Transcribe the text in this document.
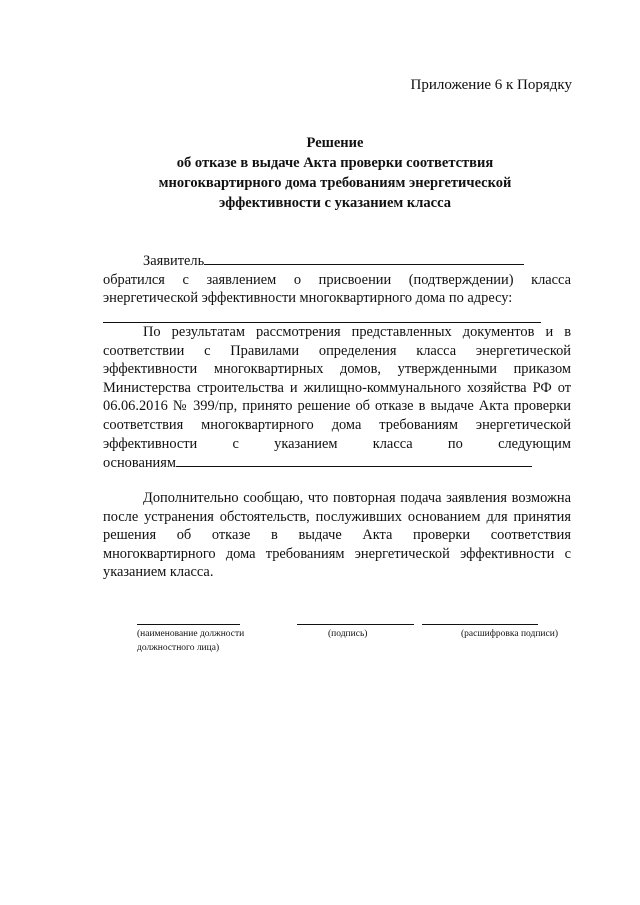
Приложение 6 к Порядку
Решение
об отказе в выдаче Акта проверки соответствия
многоквартирного дома требованиям энергетической
эффективности с указанием класса
Заявитель
обратился с заявлением о присвоении (подтверждении) класса
энергетической эффективности многоквартирного дома по адресу:
По результатам рассмотрения представленных документов и в
соответствии с Правилами определения класса энергетической
эффективности многоквартирных домов, утвержденными приказом
Министерства строительства и жилищно-коммунального хозяйства РФ от
06.06.2016 № 399/пр, принято решение об отказе в выдаче Акта проверки
соответствия многоквартирного дома требованиям энергетической
эффективности с указанием класса по следующим
основаниям
Дополнительно сообщаю, что повторная подача заявления возможна
после устранения обстоятельств, послуживших основанием для принятия
решения об отказе в выдаче Акта проверки соответствия
многоквартирного дома требованиям энергетической эффективности с
указанием класса.
(наименование должности
должностного лица)
(подпись)	(расшифровка подписи)
